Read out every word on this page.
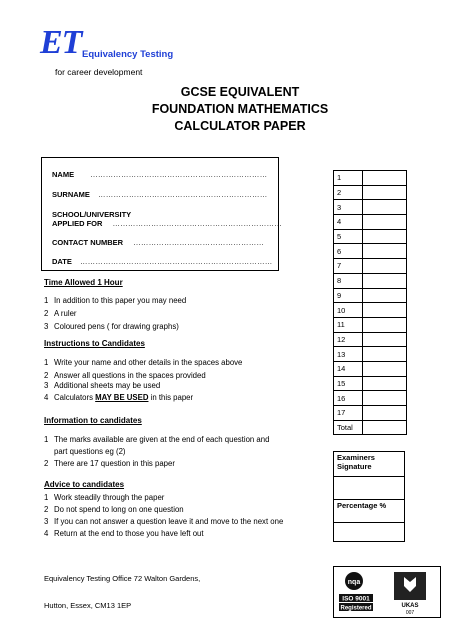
ET Equivalency Testing
for career development
GCSE EQUIVALENT
FOUNDATION MATHEMATICS
CALCULATOR PAPER
NAME ……………………………………………………………
SURNAME …………………………………………………………
SCHOOL/UNIVERSITY
APPLIED FOR …………………………………………………………
CONTACT NUMBER ……………………………………………
DATE …………………………………………………………………
Time Allowed 1 Hour
1 In addition to this paper you may need
2 A ruler
3 Coloured pens ( for drawing graphs)
Instructions to Candidates
1 Write your name and other details in the spaces above
2 Answer all questions in the spaces provided
3 Additional sheets may be used
4 Calculators MAY BE USED in this paper
Information to candidates
1 The marks available are given at the end of each question and
part questions eg (2)
2 There are 17 question in this paper
Advice to candidates
1 Work steadily through the paper
2 Do not spend to long on one question
3 If you can not answer a question leave it and move to the next one
4 Return at the end to those you have left out
1	
2	
3	
4	
5	
6	
7	
8	
9	
10	
11	
12	
13	
14	
15	
16	
17	
Total	
Examiners
Signature
Percentage %
Equivalency Testing Office 72 Walton Gardens,
Hutton, Essex, CM13 1EP
nqa
ISO 9001
Registered	UKAS
007
